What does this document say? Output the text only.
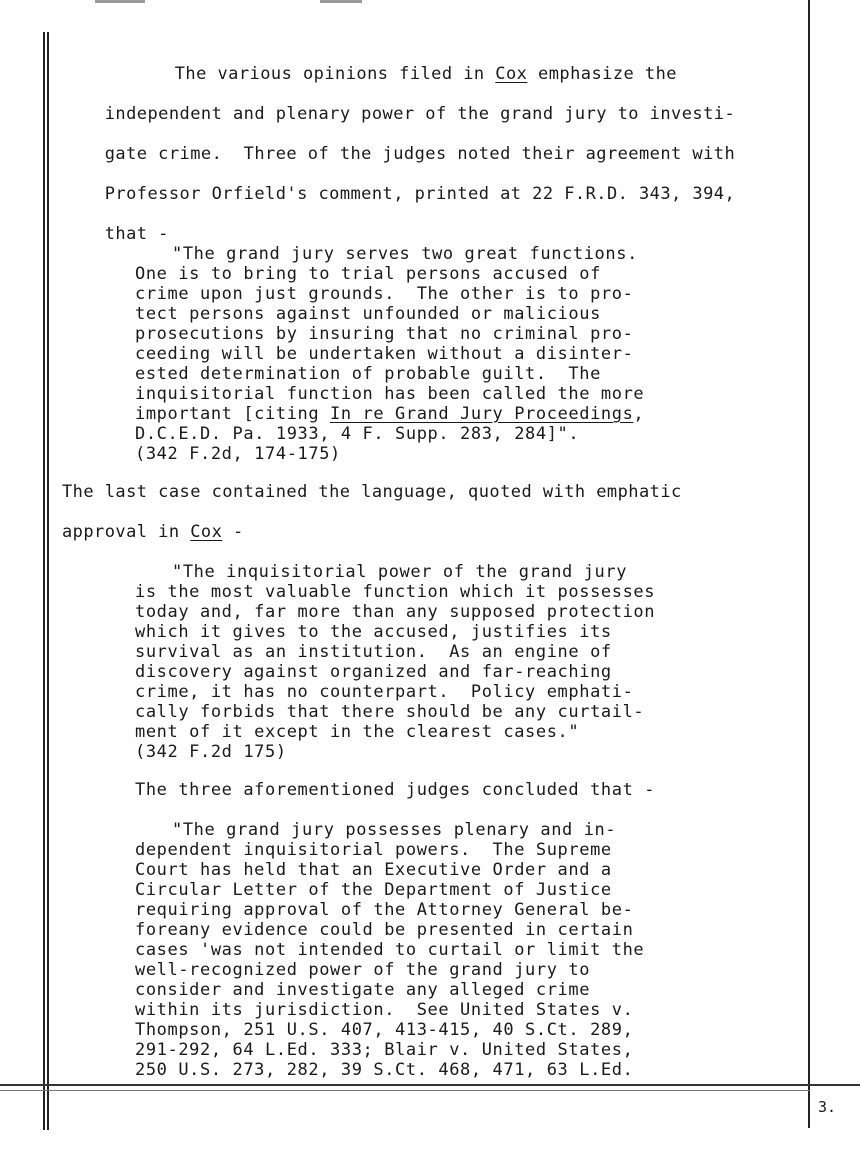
The various opinions filed in Cox emphasize the

independent and plenary power of the grand jury to investi-

gate crime.  Three of the judges noted their agreement with

Professor Orfield's comment, printed at 22 F.R.D. 343, 394,

that -

"The grand jury serves two great functions.
One is to bring to trial persons accused of
crime upon just grounds.  The other is to pro-
tect persons against unfounded or malicious
prosecutions by insuring that no criminal pro-
ceeding will be undertaken without a disinter-
ested determination of probable guilt.  The
inquisitorial function has been called the more
important [citing In re Grand Jury Proceedings,
D.C.E.D. Pa. 1933, 4 F. Supp. 283, 284]".
(342 F.2d, 174-175)
The last case contained the language, quoted with emphatic
approval in Cox -
"The inquisitorial power of the grand jury
is the most valuable function which it possesses
today and, far more than any supposed protection
which it gives to the accused, justifies its
survival as an institution.  As an engine of
discovery against organized and far-reaching
crime, it has no counterpart.  Policy emphati-
cally forbids that there should be any curtail-
ment of it except in the clearest cases."
(342 F.2d 175)
The three aforementioned judges concluded that -
"The grand jury possesses plenary and in-
dependent inquisitorial powers.  The Supreme
Court has held that an Executive Order and a
Circular Letter of the Department of Justice
requiring approval of the Attorney General be-
foreany evidence could be presented in certain
cases 'was not intended to curtail or limit the
well-recognized power of the grand jury to
consider and investigate any alleged crime
within its jurisdiction.  See United States v.
Thompson, 251 U.S. 407, 413-415, 40 S.Ct. 289,
291-292, 64 L.Ed. 333; Blair v. United States,
250 U.S. 273, 282, 39 S.Ct. 468, 471, 63 L.Ed.
3.
